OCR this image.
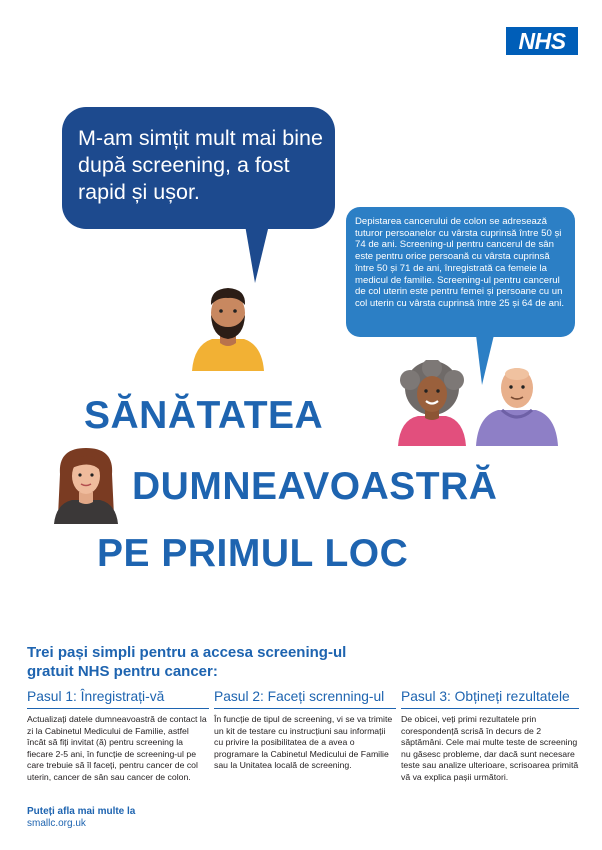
NHS
M-am simțit mult mai bine după screening, a fost rapid și ușor.
Depistarea cancerului de colon se adresează tuturor persoanelor cu vârsta cuprinsă între 50 și 74 de ani. Screening-ul pentru cancerul de sân este pentru orice persoană cu vârsta cuprinsă între 50 și 71 de ani, înregistrată ca femeie la medicul de familie. Screening-ul pentru cancerul de col uterin este pentru femei și persoane cu un col uterin cu vârsta cuprinsă între 25 și 64 de ani.
SĂNĂTATEA
DUMNEAVOASTRĂ
PE PRIMUL LOC
Trei pași simpli pentru a accesa screening-ul gratuit NHS pentru cancer:
Pasul 1: Înregistrați-vă
Actualizați datele dumneavoastră de contact la zi la Cabinetul Medicului de Familie, astfel încât să fiți invitat (ă) pentru screening la fiecare 2-5 ani, în funcție de screening-ul pe care trebuie să îl faceți, pentru cancer de col uterin, cancer de sân sau cancer de colon.
Pasul 2: Faceți screnning-ul
În funcție de tipul de screening, vi se va trimite un kit de testare cu instrucțiuni sau informații cu privire la posibilitatea de a avea o programare la Cabinetul Medicului de Familie sau la Unitatea locală de screening.
Pasul 3: Obțineți rezultatele
De obicei, veți primi rezultatele prin corespondență scrisă în decurs de 2 săptămâni. Cele mai multe teste de screening nu găsesc probleme, dar dacă sunt necesare teste sau analize ulterioare, scrisoarea primită vă va explica pașii următori.
Puteți afla mai multe la
smallc.org.uk
